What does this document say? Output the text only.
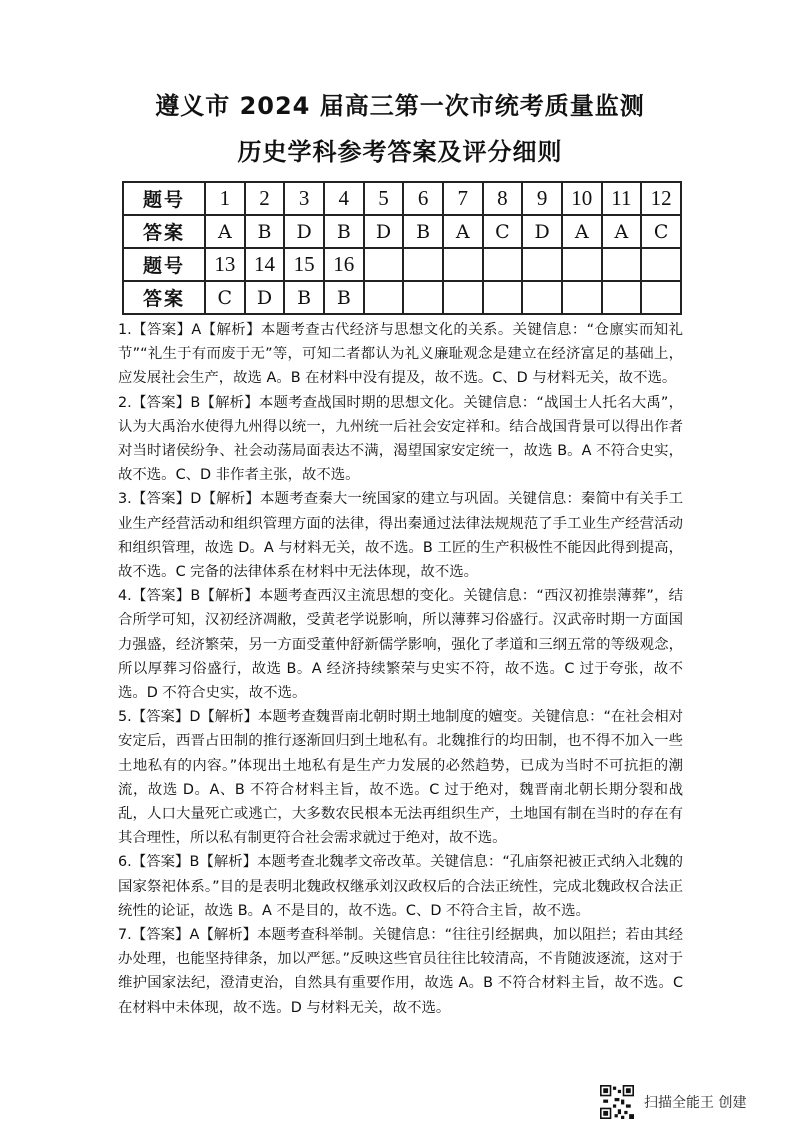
遵义市 2024 届高三第一次市统考质量监测
历史学科参考答案及评分细则
题号	1	2	3	4	5	6	7	8	9	10	11	12
答案	A	B	D	B	D	B	A	C	D	A	A	C
题号	13	14	15	16								
答案	C	D	B	B								

1.【答案】A【解析】本题考查古代经济与思想文化的关系。关键信息：“仓廪实而知礼节”“礼生于有而废于无”等，可知二者都认为礼义廉耻观念是建立在经济富足的基础上，应发展社会生产，故选 A。B 在材料中没有提及，故不选。C、D 与材料无关，故不选。

2.【答案】B【解析】本题考查战国时期的思想文化。关键信息：“战国士人托名大禹”，认为大禹治水使得九州得以统一，九州统一后社会安定祥和。结合战国背景可以得出作者对当时诸侯纷争、社会动荡局面表达不满，渴望国家安定统一，故选 B。A 不符合史实，故不选。C、D 非作者主张，故不选。

3.【答案】D【解析】本题考查秦大一统国家的建立与巩固。关键信息：秦简中有关手工业生产经营活动和组织管理方面的法律，得出秦通过法律法规规范了手工业生产经营活动和组织管理，故选 D。A 与材料无关，故不选。B 工匠的生产积极性不能因此得到提高，故不选。C 完备的法律体系在材料中无法体现，故不选。

4.【答案】B【解析】本题考查西汉主流思想的变化。关键信息：“西汉初推崇薄葬”，结合所学可知，汉初经济凋敝，受黄老学说影响，所以薄葬习俗盛行。汉武帝时期一方面国力强盛，经济繁荣，另一方面受董仲舒新儒学影响，强化了孝道和三纲五常的等级观念，所以厚葬习俗盛行，故选 B。A 经济持续繁荣与史实不符，故不选。C 过于夸张，故不选。D 不符合史实，故不选。

5.【答案】D【解析】本题考查魏晋南北朝时期土地制度的嬗变。关键信息：“在社会相对安定后，西晋占田制的推行逐渐回归到土地私有。北魏推行的均田制，也不得不加入一些土地私有的内容。”体现出土地私有是生产力发展的必然趋势，已成为当时不可抗拒的潮流，故选 D。A、B 不符合材料主旨，故不选。C 过于绝对，魏晋南北朝长期分裂和战乱，人口大量死亡或逃亡，大多数农民根本无法再组织生产，土地国有制在当时的存在有其合理性，所以私有制更符合社会需求就过于绝对，故不选。

6.【答案】B【解析】本题考查北魏孝文帝改革。关键信息：“孔庙祭祀被正式纳入北魏的国家祭祀体系。”目的是表明北魏政权继承刘汉政权后的合法正统性，完成北魏政权合法正统性的论证，故选 B。A 不是目的，故不选。C、D 不符合主旨，故不选。

7.【答案】A【解析】本题考查科举制。关键信息：“往往引经据典，加以阻拦；若由其经办处理，也能坚持律条，加以严惩。”反映这些官员往往比较清高，不肯随波逐流，这对于维护国家法纪，澄清吏治，自然具有重要作用，故选 A。B 不符合材料主旨，故不选。C 在材料中未体现，故不选。D 与材料无关，故不选。

扫描全能王 创建
